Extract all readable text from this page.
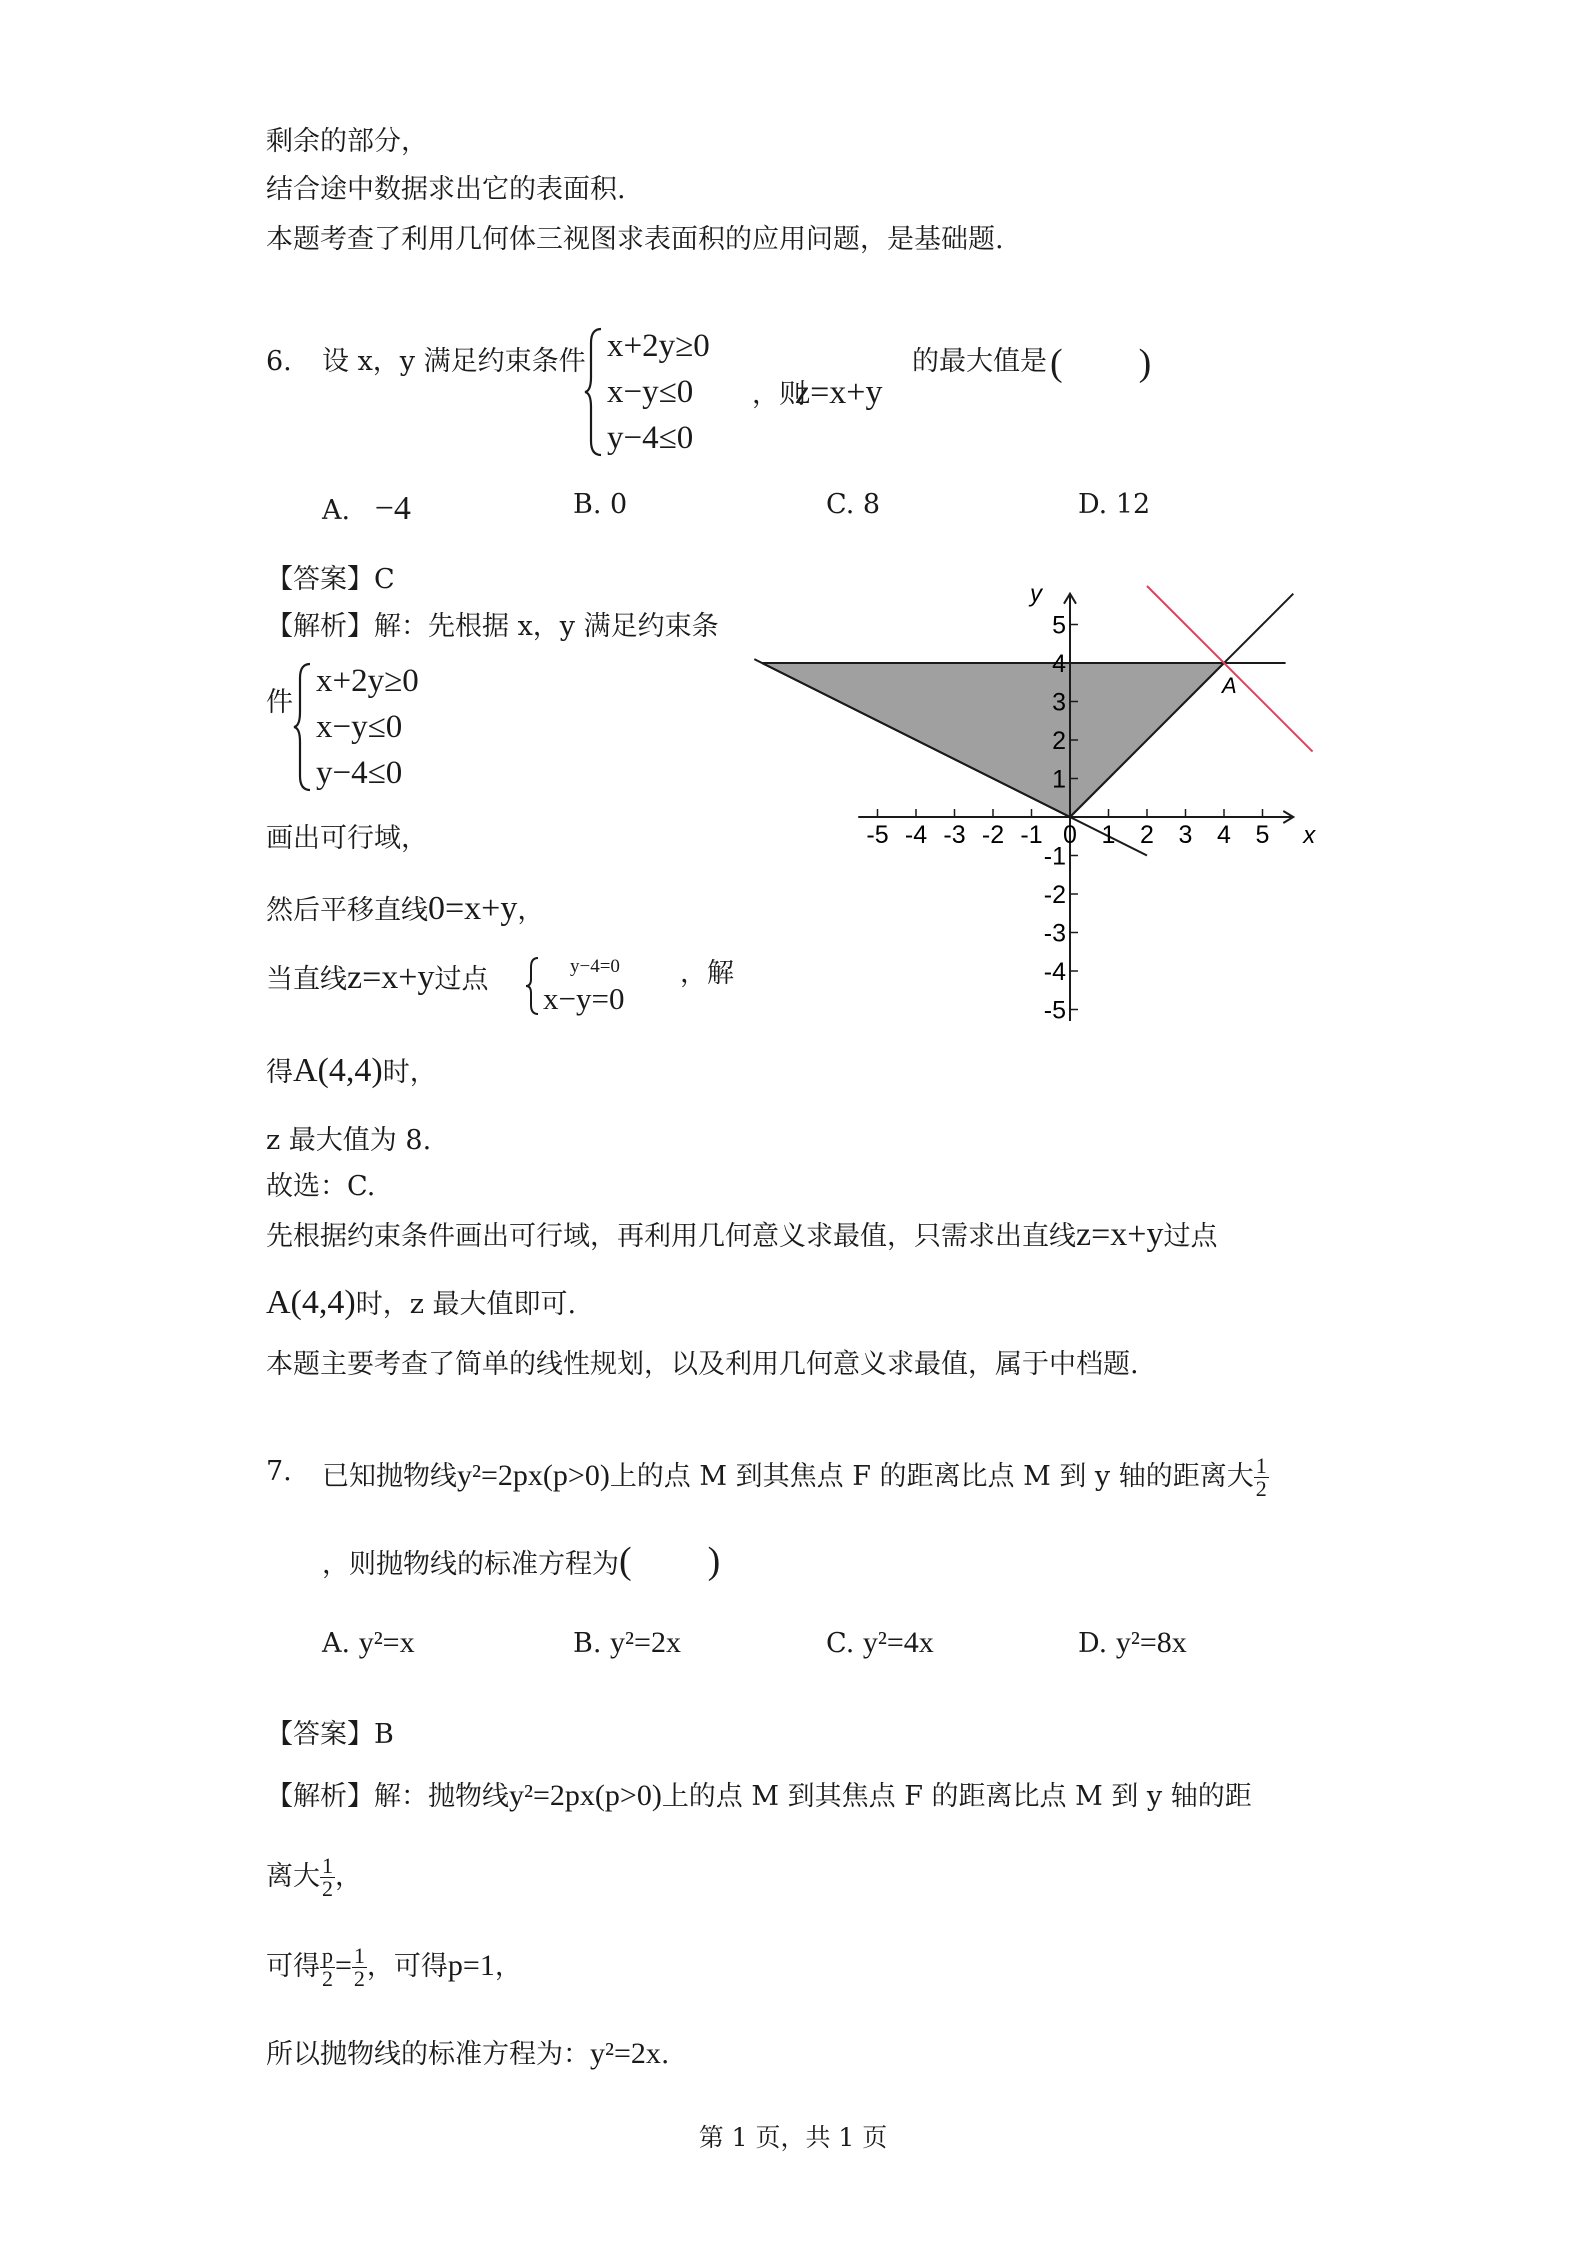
剩余的部分，
结合途中数据求出它的表面积.
本题考查了利用几何体三视图求表面积的应用问题，是基础题.
6. 设 x，y 满足约束条件 x+2y≥0
x−y≤0
y−4≤0
，则
z=x+y
的最大值是 (　　)
A. −4	B. 0	C. 8	D. 12
【答案】C
【解析】解：先根据 x，y 满足约束条
件
x+2y≥0
x−y≤0
y−4≤0
画出可行域，
然后平移直线0=x+y，
当直线z=x+y过点	y−4=0
x−y=0
，解
得A(4,4)时，
z 最大值为 8.
故选：C.
先根据约束条件画出可行域，再利用几何意义求最值，只需求出直线z=x+y过点
A(4,4)时，z 最大值即可.
本题主要考查了简单的线性规划，以及利用几何意义求最值，属于中档题.
-5 -4 -3 -2 -1 0 1 2 3 4 5
5
4
3
2
1
-1
-2
-3
-4
-5
x
y
A
7. 已知抛物线y²=2px(p>0)上的点 M 到其焦点 F 的距离比点 M 到 y 轴的距离大 $\frac{1}{2}$
，则抛物线的标准方程为(　　)
A. y²=x	B. y²=2x	C. y²=4x	D. y²=8x
【答案】B
【解析】解：抛物线y²=2px(p>0)上的点 M 到其焦点 F 的距离比点 M 到 y 轴的距
离大 $\frac{1}{2}$ ，
可得 $\frac{p}{2} = \frac{1}{2}$ ，可得p=1，
所以抛物线的标准方程为：y²=2x.
第 1 页，共 1 页
